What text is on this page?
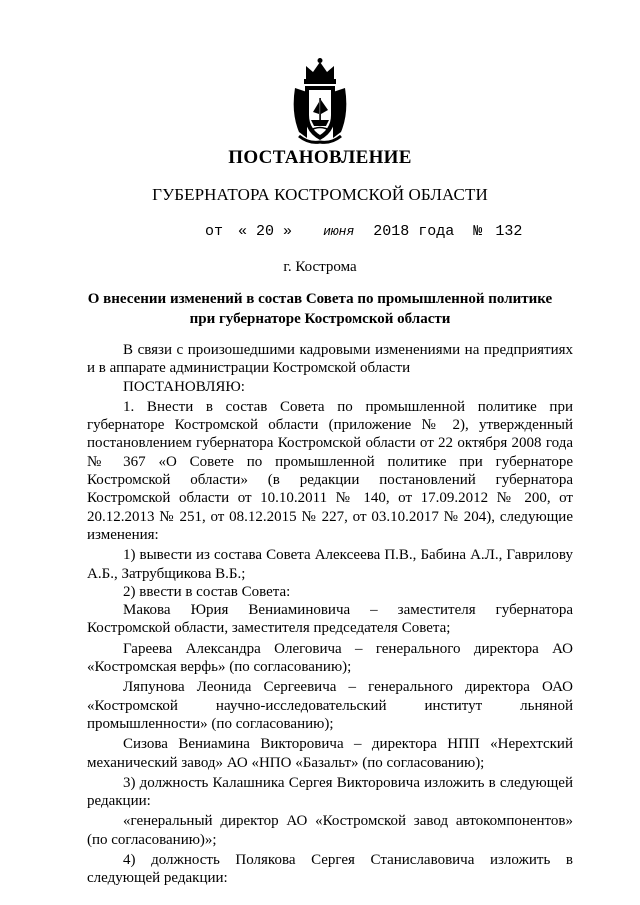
ПОСТАНОВЛЕНИЕ
ГУБЕРНАТОРА КОСТРОМСКОЙ ОБЛАСТИ
от « 20 » июня 2018 года № 132
г. Кострома
О внесении изменений в состав Совета по промышленной политике
при губернаторе Костромской области

В связи с произошедшими кадровыми изменениями на предприятиях и в аппарате администрации Костромской области

ПОСТАНОВЛЯЮ:

1. Внести в состав Совета по промышленной политике при губернаторе Костромской области (приложение № 2), утвержденный постановлением губернатора Костромской области от 22 октября 2008 года № 367 «О Совете по промышленной политике при губернаторе Костромской области» (в редакции постановлений губернатора Костромской области от 10.10.2011 № 140, от 17.09.2012 № 200, от 20.12.2013 № 251, от 08.12.2015 № 227, от 03.10.2017 № 204), следующие изменения:

1) вывести из состава Совета Алексеева П.В., Бабина А.Л., Гаврилову А.Б., Затрубщикова В.Б.;

2) ввести в состав Совета:

Макова Юрия Вениаминовича – заместителя губернатора Костромской области, заместителя председателя Совета;

Гареева Александра Олеговича – генерального директора АО «Костромская верфь» (по согласованию);

Ляпунова Леонида Сергеевича – генерального директора ОАО «Костромской научно-исследовательский институт льняной промышленности» (по согласованию);

Сизова Вениамина Викторовича – директора НПП «Нерехтский механический завод» АО «НПО «Базальт» (по согласованию);

3) должность Калашника Сергея Викторовича изложить в следующей редакции:

«генеральный директор АО «Костромской завод автокомпонентов» (по согласованию)»;

4) должность Полякова Сергея Станиславовича изложить в следующей редакции:
